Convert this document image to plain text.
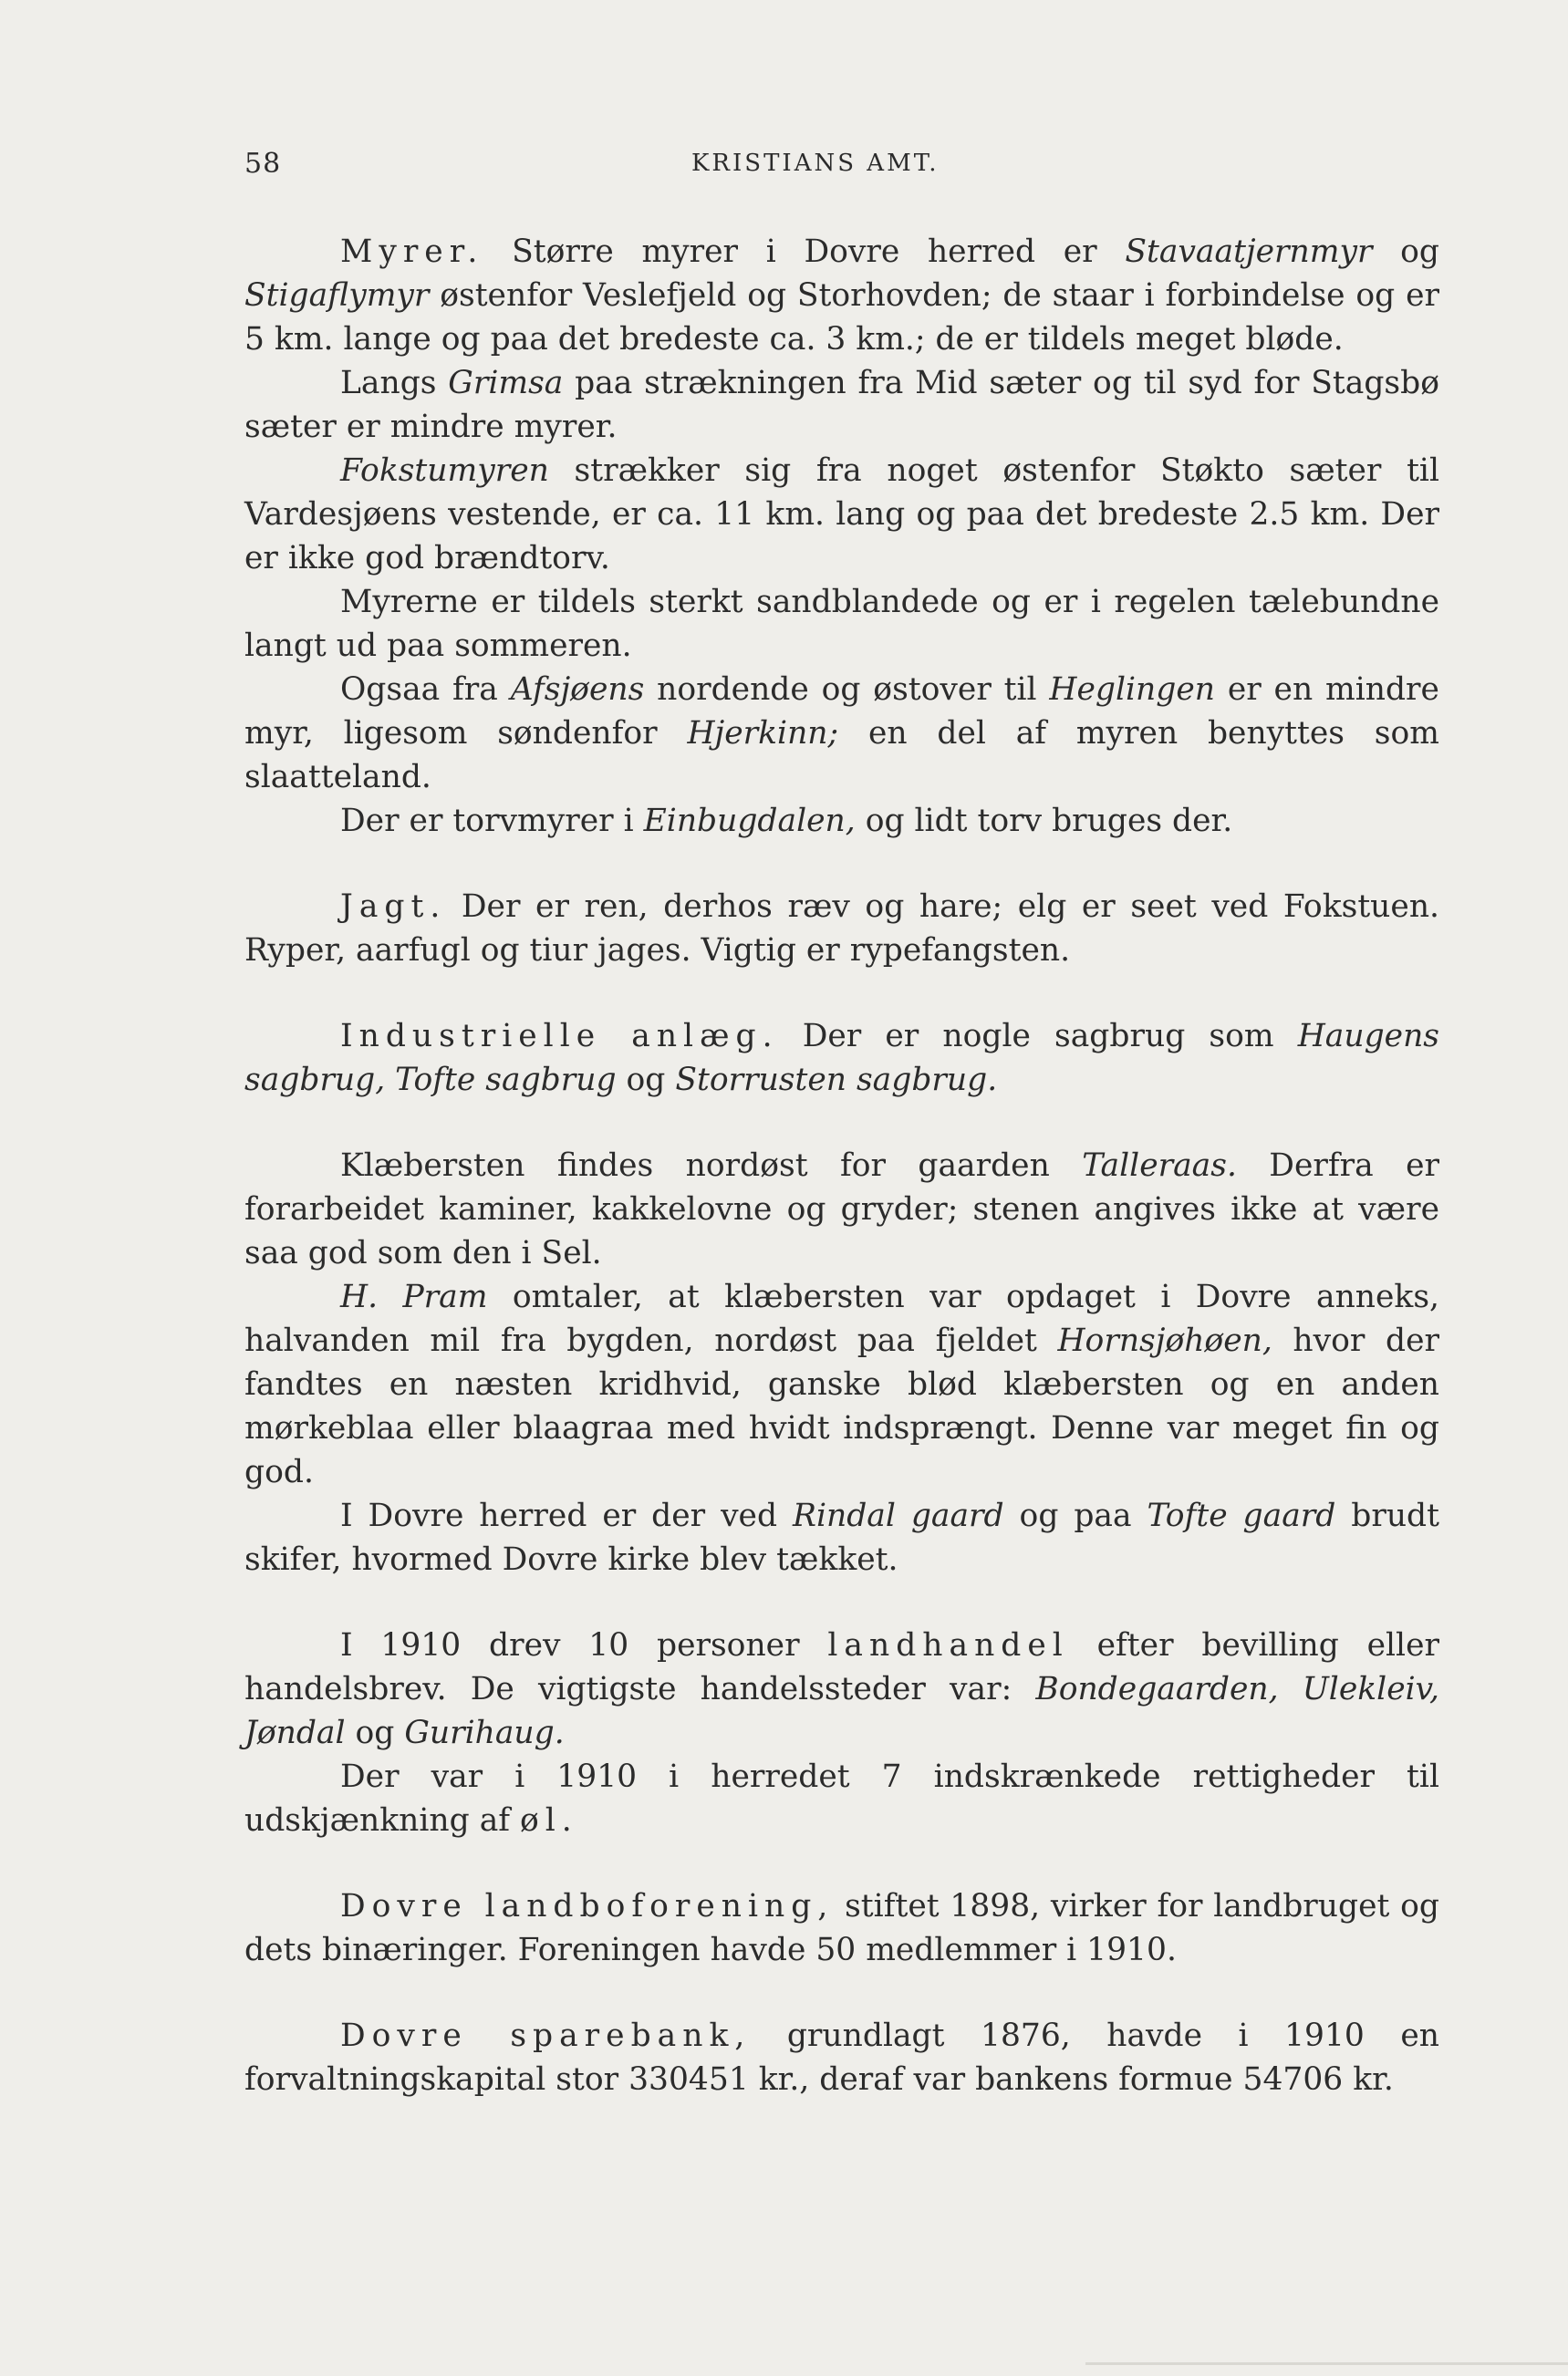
58	KRISTIANS AMT.

Myrer. Større myrer i Dovre herred er Stavaatjernmyr og Stigaflymyr østenfor Veslefjeld og Storhovden; de staar i forbindelse og er 5 km. lange og paa det bredeste ca. 3 km.; de er tildels meget bløde.

Langs Grimsa paa strækningen fra Mid sæter og til syd for Stagsbø sæter er mindre myrer.

Fokstumyren strækker sig fra noget østenfor Støkto sæter til Vardesjøens vestende, er ca. 11 km. lang og paa det bredeste 2.5 km. Der er ikke god brændtorv.

Myrerne er tildels sterkt sandblandede og er i regelen tælebundne langt ud paa sommeren.

Ogsaa fra Afsjøens nordende og østover til Heglingen er en mindre myr, ligesom søndenfor Hjerkinn; en del af myren benyttes som slaatteland.

Der er torvmyrer i Einbugdalen, og lidt torv bruges der.

Jagt. Der er ren, derhos ræv og hare; elg er seet ved Fokstuen. Ryper, aarfugl og tiur jages. Vigtig er rypefangsten.

Industrielle anlæg. Der er nogle sagbrug som Haugens sagbrug, Tofte sagbrug og Storrusten sagbrug.

Klæbersten findes nordøst for gaarden Talleraas. Derfra er forarbeidet kaminer, kakkelovne og gryder; stenen angives ikke at være saa god som den i Sel.

H. Pram omtaler, at klæbersten var opdaget i Dovre anneks, halvanden mil fra bygden, nordøst paa fjeldet Hornsjøhøen, hvor der fandtes en næsten kridhvid, ganske blød klæbersten og en anden mørkeblaa eller blaagraa med hvidt indsprængt. Denne var meget fin og god.

I Dovre herred er der ved Rindal gaard og paa Tofte gaard brudt skifer, hvormed Dovre kirke blev tækket.

I 1910 drev 10 personer landhandel efter bevilling eller handelsbrev. De vigtigste handelssteder var: Bondegaarden, Ulekleiv, Jøndal og Gurihaug.

Der var i 1910 i herredet 7 indskrænkede rettigheder til udskjænkning af øl.

Dovre landboforening, stiftet 1898, virker for landbruget og dets binæringer. Foreningen havde 50 medlemmer i 1910.

Dovre sparebank, grundlagt 1876, havde i 1910 en forvaltningskapital stor 330451 kr., deraf var bankens formue 54706 kr.
